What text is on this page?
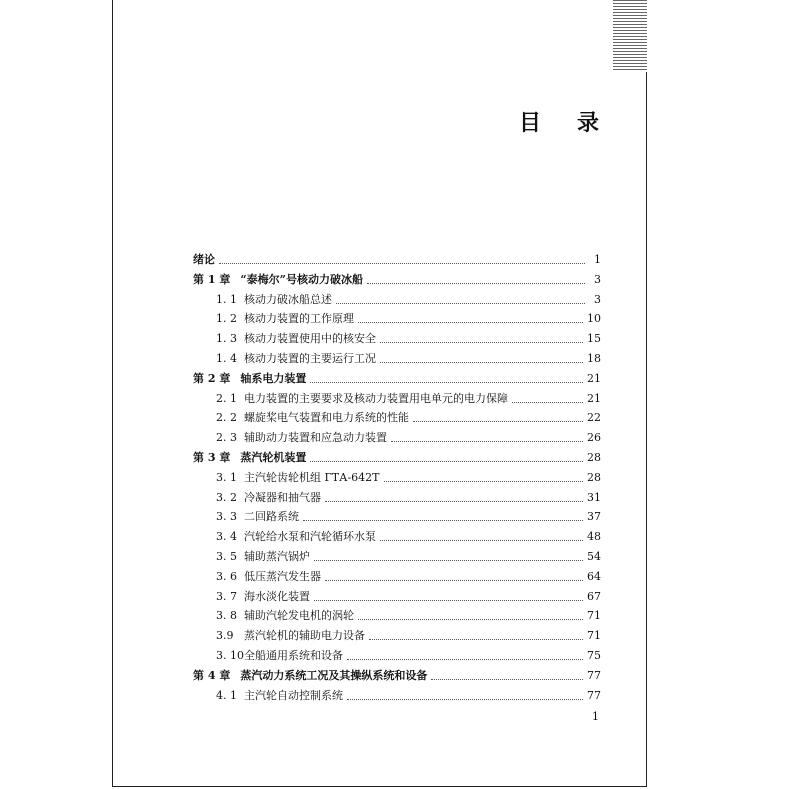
目 录
绪论	1
第 1 章 “泰梅尔”号核动力破冰船	3
1. 1 核动力破冰船总述	3
1. 2 核动力装置的工作原理	10
1. 3 核动力装置使用中的核安全	15
1. 4 核动力装置的主要运行工况	18
第 2 章 轴系电力装置	21
2. 1 电力装置的主要要求及核动力装置用电单元的电力保障	21
2. 2 螺旋桨电气装置和电力系统的性能	22
2. 3 辅助动力装置和应急动力装置	26
第 3 章 蒸汽轮机装置	28
3. 1 主汽轮齿轮机组 ГТА-642Т	28
3. 2 冷凝器和抽气器	31
3. 3 二回路系统	37
3. 4 汽轮给水泵和汽轮循环水泵	48
3. 5 辅助蒸汽锅炉	54
3. 6 低压蒸汽发生器	64
3. 7 海水淡化装置	67
3. 8 辅助汽轮发电机的涡轮	71
3.9 蒸汽轮机的辅助电力设备	71
3. 10 全船通用系统和设备	75
第 4 章 蒸汽动力系统工况及其操纵系统和设备	77
4. 1 主汽轮自动控制系统	77
1
